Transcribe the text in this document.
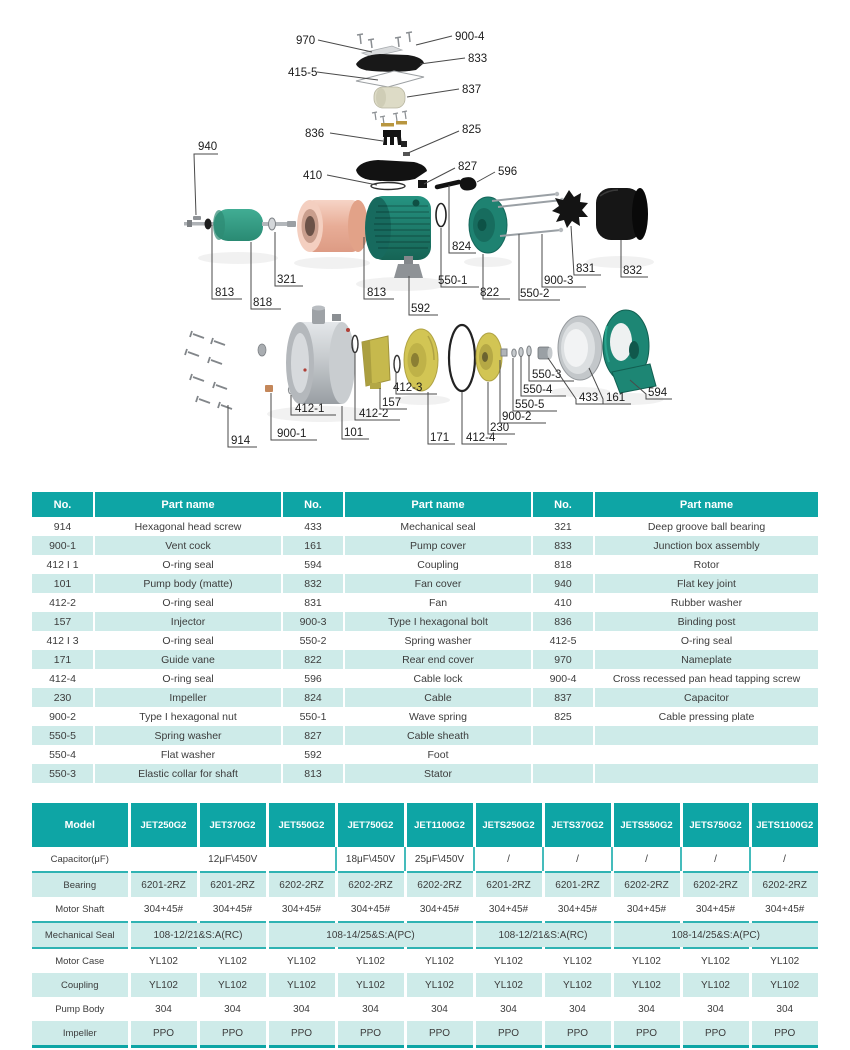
970	900-4
833
415-5
837
836	825
940
410
827 596
824
813
818
321
813
592
550-1
822 550-2
900-3
831 832
914
900-1
412-1
101
412-2
157
412-3
171 412-4
230
900-2
550-5
550-4
550-3
433 161 594
No.	Part name	No.	Part name	No.	Part name
914	Hexagonal head screw	433	Mechanical seal	321	Deep groove ball bearing
900-1	Vent cock	161	Pump cover	833	Junction box assembly
412 I 1	O-ring seal	594	Coupling	818	Rotor
101	Pump body (matte)	832	Fan cover	940	Flat key joint
412-2	O-ring seal	831	Fan	410	Rubber washer
157	Injector	900-3	Type I hexagonal bolt	836	Binding post
412 I 3	O-ring seal	550-2	Spring washer	412-5	O-ring seal
171	Guide vane	822	Rear end cover	970	Nameplate
412-4	O-ring seal	596	Cable lock	900-4	Cross recessed pan head tapping screw
230	Impeller	824	Cable	837	Capacitor
900-2	Type I hexagonal nut	550-1	Wave spring	825	Cable pressing plate
550-5	Spring washer	827	Cable sheath		
550-4	Flat washer	592	Foot		
550-3	Elastic collar for shaft	813	Stator		
Model	JET250G2	JET370G2	JET550G2	JET750G2	JET1100G2	JETS250G2	JETS370G2	JETS550G2	JETS750G2	JETS1100G2
Capacitor(μF)	12μF\450V			18μF\450V	25μF\450V	/	/	/	/	/
Bearing	6201-2RZ	6201-2RZ	6202-2RZ	6202-2RZ	6202-2RZ	6201-2RZ	6201-2RZ	6202-2RZ	6202-2RZ	6202-2RZ
Motor Shaft	304+45#	304+45#	304+45#	304+45#	304+45#	304+45#	304+45#	304+45#	304+45#	304+45#
Mechanical Seal	108-12/21&S:A(RC)		108-14/25&S:A(PC)			108-12/21&S:A(RC)		108-14/25&S:A(PC)		
Motor Case	YL102	YL102	YL102	YL102	YL102	YL102	YL102	YL102	YL102	YL102
Coupling	YL102	YL102	YL102	YL102	YL102	YL102	YL102	YL102	YL102	YL102
Pump Body	304	304	304	304	304	304	304	304	304	304
Impeller	PPO	PPO	PPO	PPO	PPO	PPO	PPO	PPO	PPO	PPO
